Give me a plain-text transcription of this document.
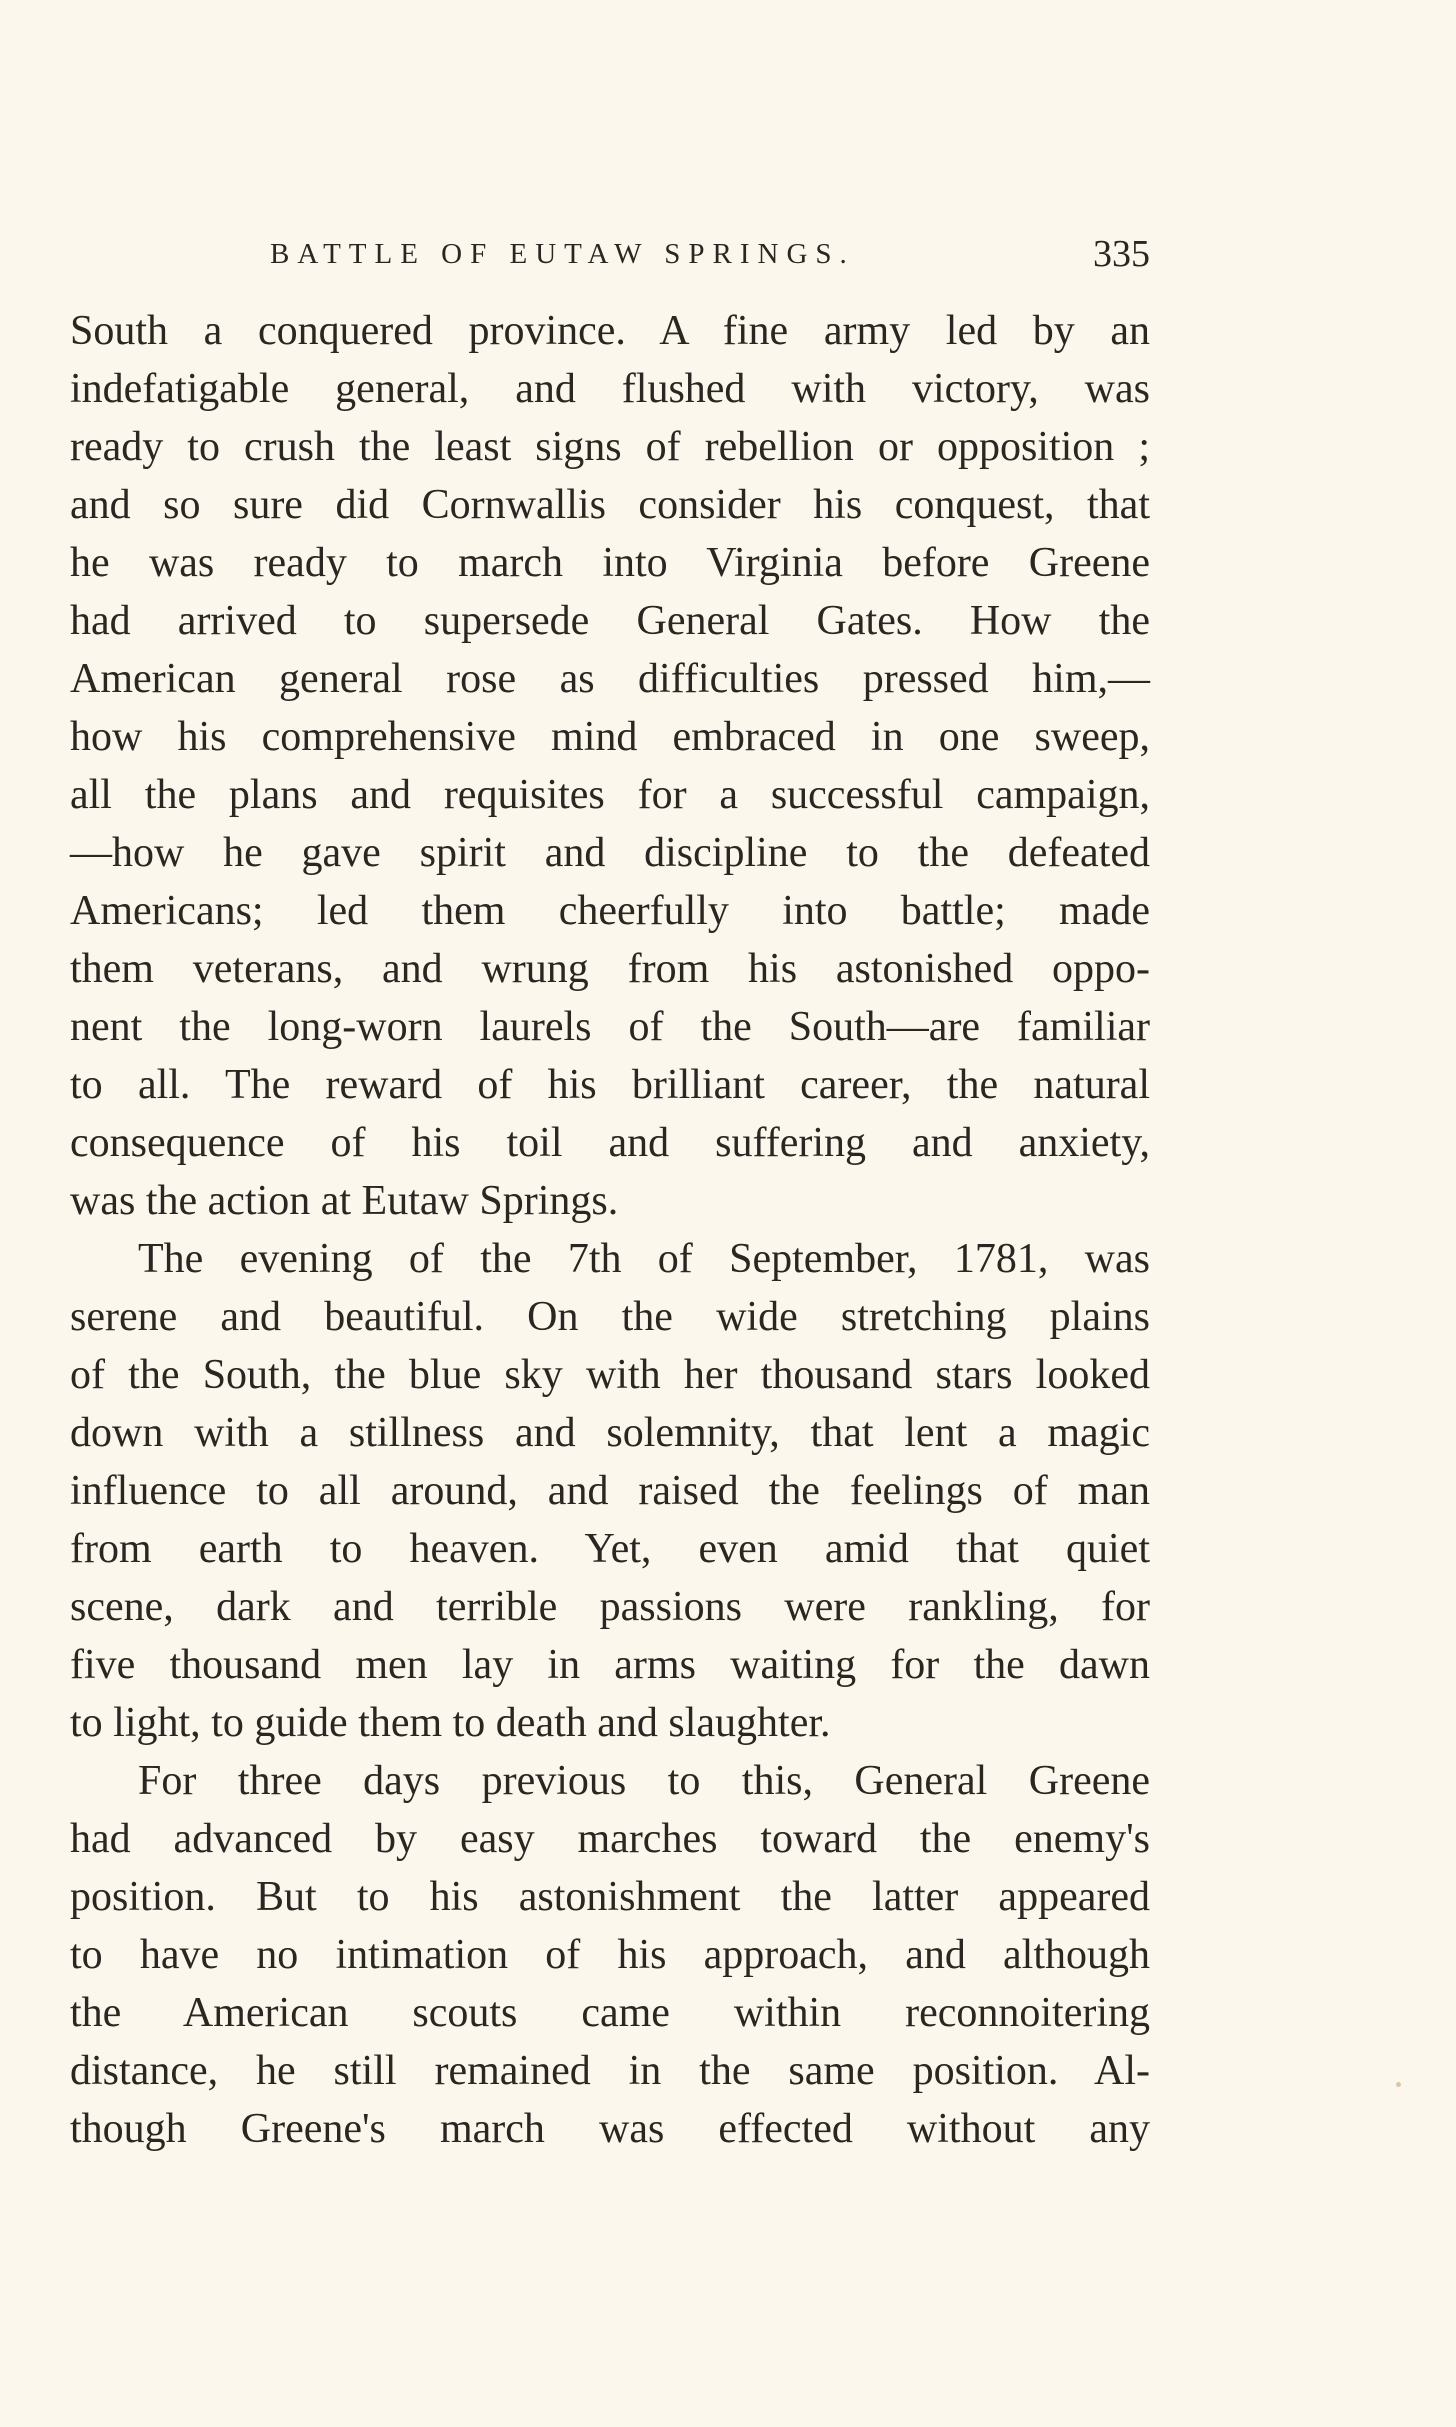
BATTLE OF EUTAW SPRINGS.	335
South a conquered province. A fine army led by an
indefatigable general, and flushed with victory, was
ready to crush the least signs of rebellion or opposition ;
and so sure did Cornwallis consider his conquest, that
he was ready to march into Virginia before Greene
had arrived to supersede General Gates. How the
American general rose as difficulties pressed him,—
how his comprehensive mind embraced in one sweep,
all the plans and requisites for a successful campaign,
—how he gave spirit and discipline to the defeated
Americans; led them cheerfully into battle; made
them veterans, and wrung from his astonished oppo-
nent the long-worn laurels of the South—are familiar
to all. The reward of his brilliant career, the natural
consequence of his toil and suffering and anxiety,
was the action at Eutaw Springs.
The evening of the 7th of September, 1781, was
serene and beautiful. On the wide stretching plains
of the South, the blue sky with her thousand stars looked
down with a stillness and solemnity, that lent a magic
influence to all around, and raised the feelings of man
from earth to heaven. Yet, even amid that quiet
scene, dark and terrible passions were rankling, for
five thousand men lay in arms waiting for the dawn
to light, to guide them to death and slaughter.
For three days previous to this, General Greene
had advanced by easy marches toward the enemy's
position. But to his astonishment the latter appeared
to have no intimation of his approach, and although
the American scouts came within reconnoitering
distance, he still remained in the same position. Al-
though Greene's march was effected without any
